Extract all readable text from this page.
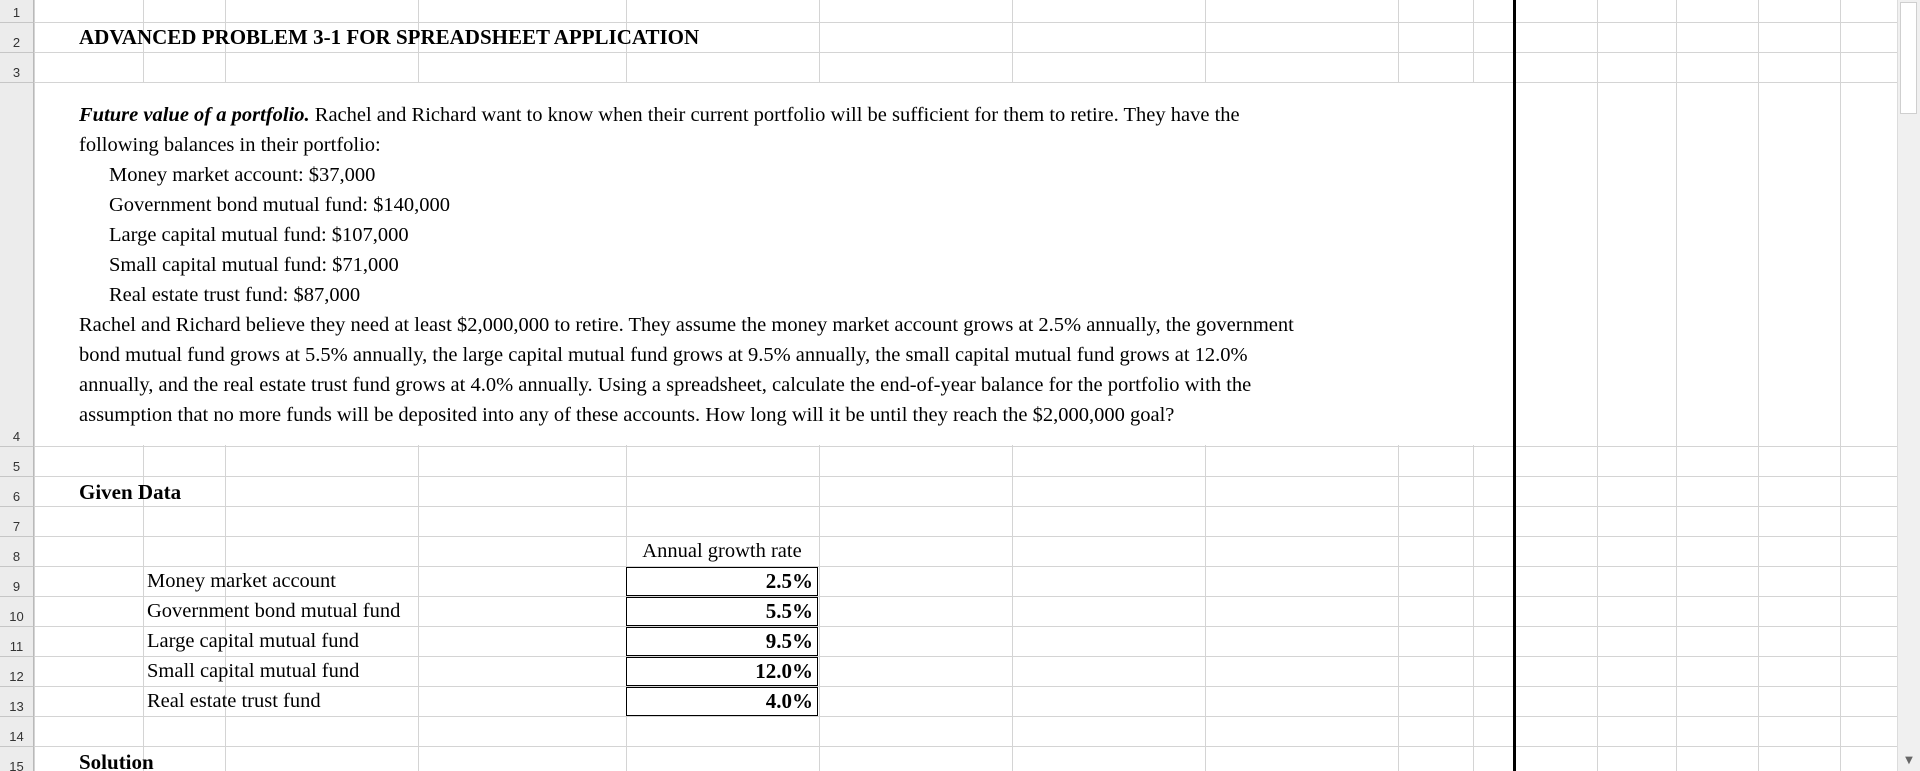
1
2
3
4
5
6
7
8
9
10
11
12
13
14
15
ADVANCED PROBLEM 3-1 FOR SPREADSHEET APPLICATION
Future value of a portfolio. Rachel and Richard want to know when their current portfolio will be sufficient for them to retire. They have the
following balances in their portfolio:
Money market account: $37,000
Government bond mutual fund: $140,000
Large capital mutual fund: $107,000
Small capital mutual fund: $71,000
Real estate trust fund: $87,000
Rachel and Richard believe they need at least $2,000,000 to retire. They assume the money market account grows at 2.5% annually, the government
bond mutual fund grows at 5.5% annually, the large capital mutual fund grows at 9.5% annually, the small capital mutual fund grows at 12.0%
annually, and the real estate trust fund grows at 4.0% annually. Using a spreadsheet, calculate the end-of-year balance for the portfolio with the
assumption that no more funds will be deposited into any of these accounts. How long will it be until they reach the $2,000,000 goal?
Given Data
Annual growth rate
Money market account
Government bond mutual fund
Large capital mutual fund
Small capital mutual fund
Real estate trust fund
2.5%
5.5%
9.5%
12.0%
4.0%
Solution	▼
